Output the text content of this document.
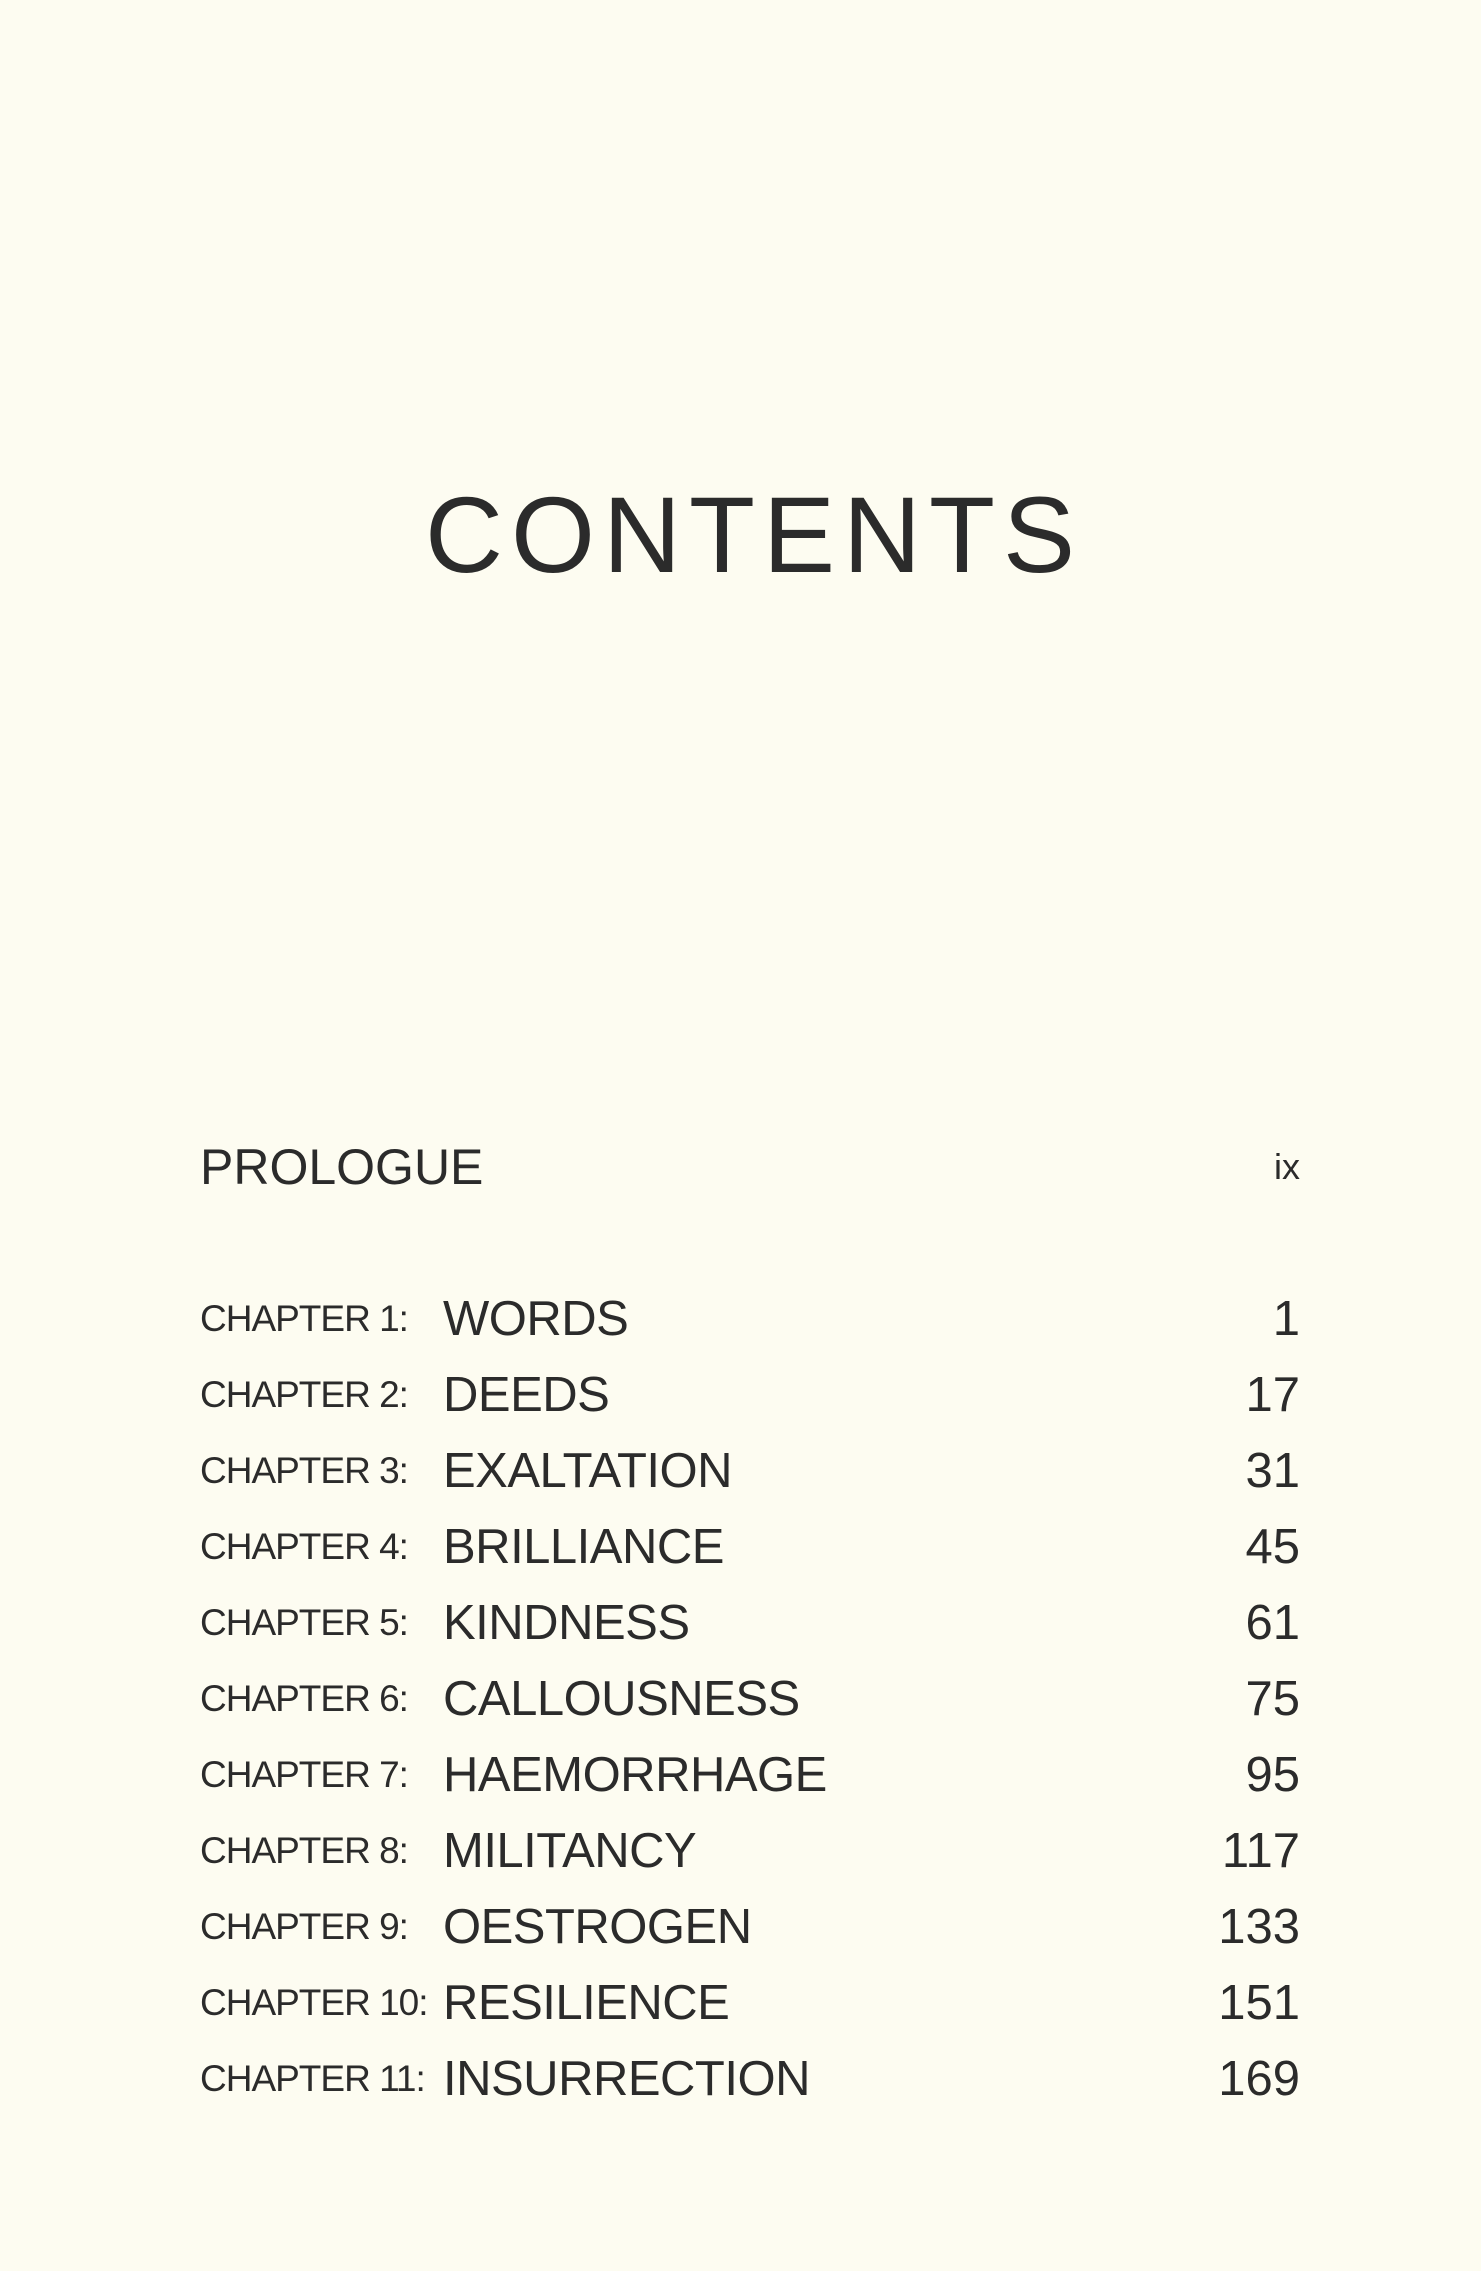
CONTENTS
PROLOGUE	ix
CHAPTER 1: WORDS	1
CHAPTER 2: DEEDS	17
CHAPTER 3: EXALTATION	31
CHAPTER 4: BRILLIANCE	45
CHAPTER 5: KINDNESS	61
CHAPTER 6: CALLOUSNESS	75
CHAPTER 7: HAEMORRHAGE	95
CHAPTER 8: MILITANCY	117
CHAPTER 9: OESTROGEN	133
CHAPTER 10: RESILIENCE	151
CHAPTER 11: INSURRECTION	169
